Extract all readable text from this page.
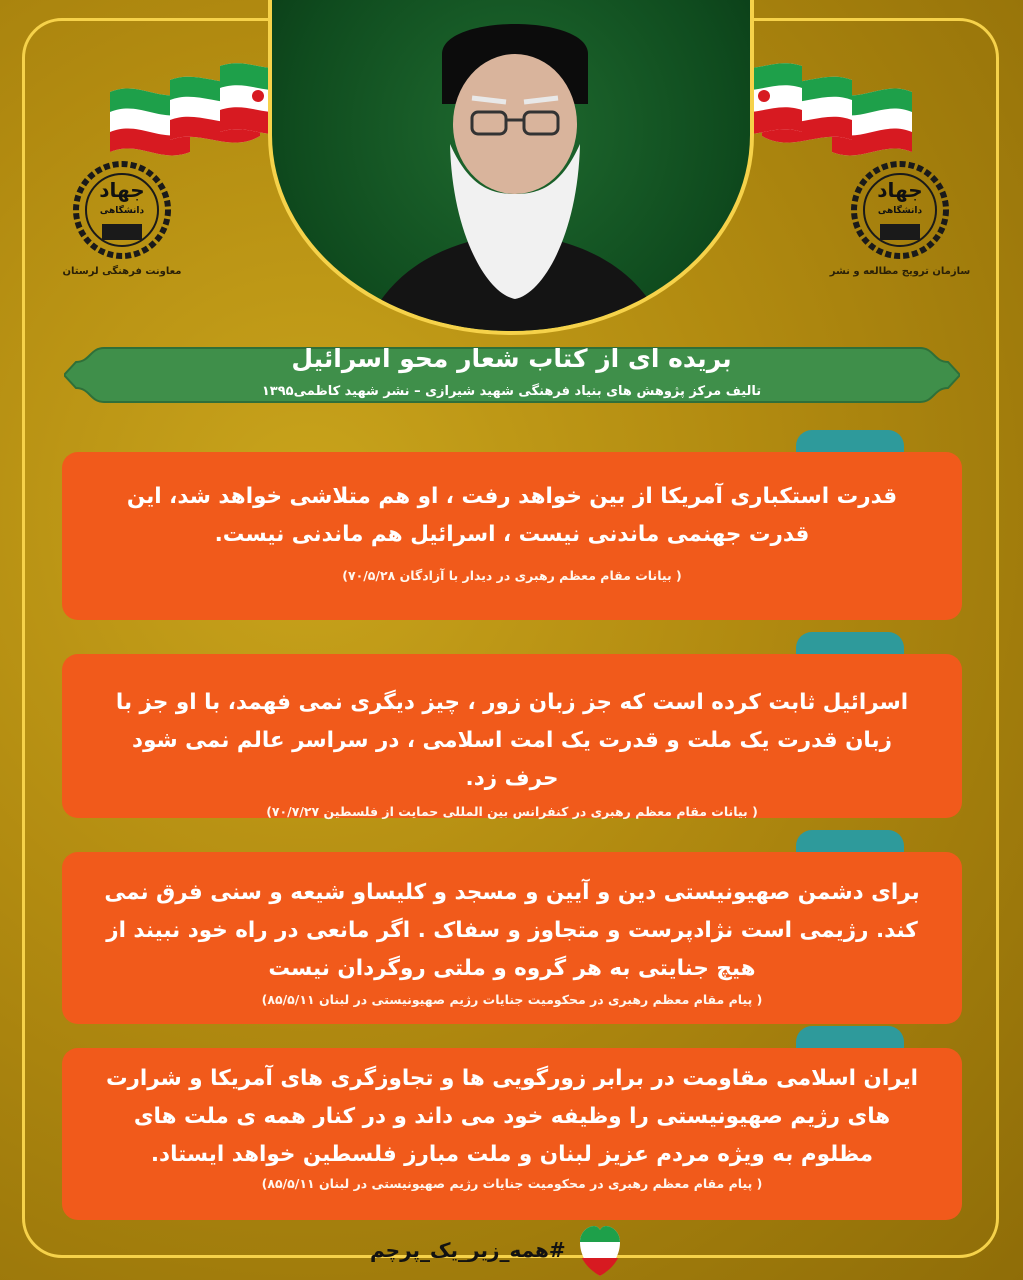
جهاد
دانشگاهی
معاونت فرهنگی لرستان
جهاد
دانشگاهی
سازمان ترویج مطالعه و نشر
بریده ای از کتاب شعار محو اسرائیل
تالیف مرکز پژوهش های بنیاد فرهنگی شهید شیرازی – نشر شهید کاظمی۱۳۹۵

قدرت استکباری آمریکا از بین خواهد رفت ، او هم متلاشی خواهد شد، این قدرت جهنمی ماندنی نیست ، اسرائیل هم ماندنی نیست.

( بیانات مقام معظم رهبری در دیدار با آزادگان ۷۰/۵/۲۸)

اسرائیل ثابت کرده است که جز زبان زور ، چیز دیگری نمی فهمد، با او جز با زبان قدرت یک ملت و قدرت یک امت اسلامی ، در سراسر عالم نمی شود حرف زد.

( بیانات مقام معظم رهبری در کنفرانس بین المللی حمایت از فلسطین ۷۰/۷/۲۷)

برای دشمن صهیونیستی دین و آیین و مسجد و کلیساو شیعه و سنی فرق نمی کند. رژیمی است نژادپرست و متجاوز و سفاک . اگر مانعی در راه خود نبیند از هیچ جنایتی به هر گروه و ملتی روگردان نیست

( پیام مقام معظم رهبری در محکومیت جنایات رژیم صهیونیستی در لبنان ۸۵/۵/۱۱)

ایران اسلامی مقاومت در برابر زورگویی ها و تجاوزگری های آمریکا و شرارت های رژیم صهیونیستی را وظیفه خود می داند و در کنار همه ی ملت های مظلوم به ویژه مردم عزیز لبنان و ملت مبارز فلسطین خواهد ایستاد.

( پیام مقام معظم رهبری در محکومیت جنایات رژیم صهیونیستی در لبنان ۸۵/۵/۱۱)
#همه_زیر_یک_پرچم
